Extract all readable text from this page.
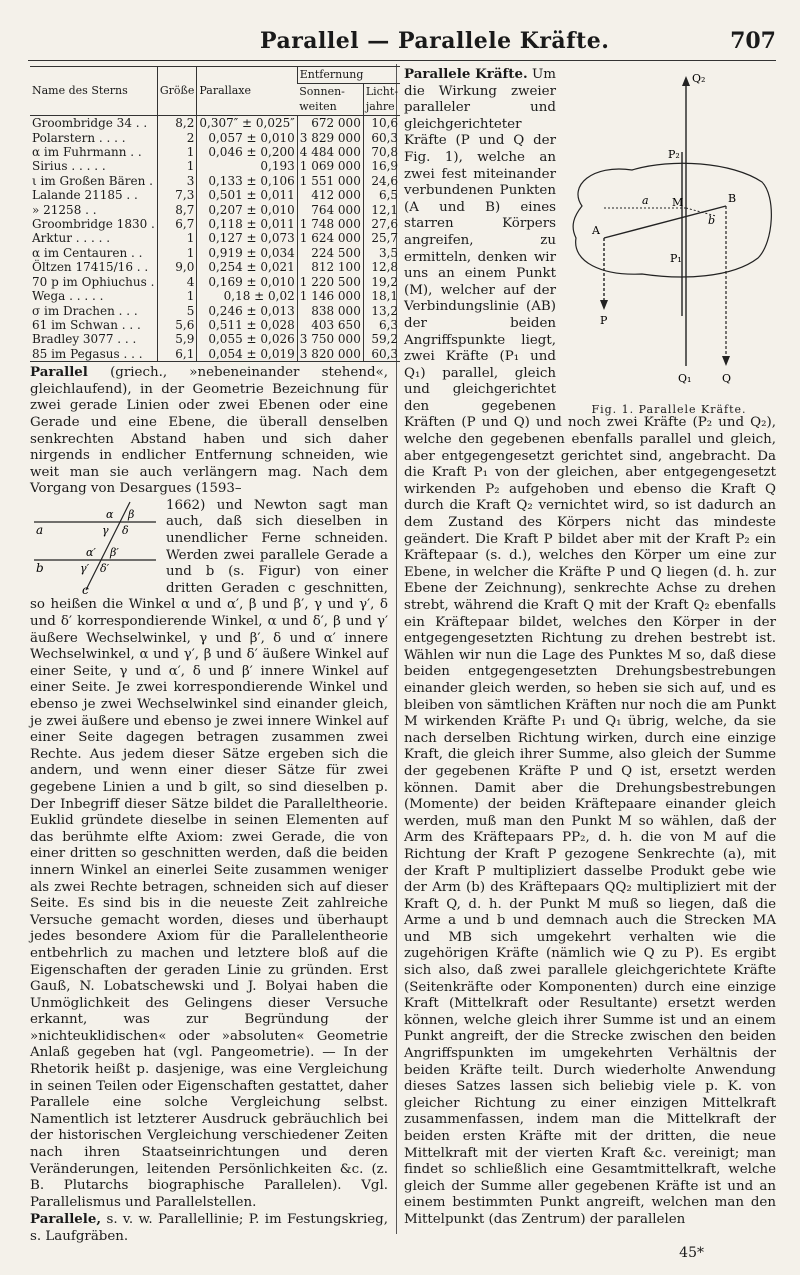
Parallel — Parallele Kräfte.	707
Name des Sterns	Größe	Parallaxe	Entfernung	
			Sonnen-weiten	Licht-jahre
Groombridge 34 . .	8,2	0,307″ ± 0,025″	672 000	10,6
Polarstern . . . .	2	0,057 ± 0,010	3 829 000	60,3
α im Fuhrmann . .	1	0,046 ± 0,200	4 484 000	70,8
Sirius . . . . .	1	0,193	1 069 000	16,9
ι im Großen Bären .	3	0,133 ± 0,106	1 551 000	24,6
Lalande 21185 . .	7,3	0,501 ± 0,011	412 000	6,5
» 21258 . .	8,7	0,207 ± 0,010	764 000	12,1
Groombridge 1830 .	6,7	0,118 ± 0,011	1 748 000	27,6
Arktur . . . . .	1	0,127 ± 0,073	1 624 000	25,7
α im Centauren . .	1	0,919 ± 0,034	224 500	3,5
Öltzen 17415/16 . .	9,0	0,254 ± 0,021	812 100	12,8
70 p im Ophiuchus .	4	0,169 ± 0,010	1 220 500	19,2
Wega . . . . .	1	0,18 ± 0,02	1 146 000	18,1
σ im Drachen . . .	5	0,246 ± 0,013	838 000	13,2
61 im Schwan . . .	5,6	0,511 ± 0,028	403 650	6,3
Bradley 3077 . . .	5,9	0,055 ± 0,026	3 750 000	59,2
85 im Pegasus . . .	6,1	0,054 ± 0,019	3 820 000	60,3

Parallel (griech., »nebeneinander stehend«, gleichlaufend), in der Geometrie Bezeichnung für zwei gerade Linien oder zwei Ebenen oder eine Gerade und eine Ebene, die überall denselben senkrechten Abstand haben und sich daher nirgends in endlicher Entfernung schneiden, wie weit man sie auch verlängern mag. Nach dem Vorgang von Desargues (1593–

a
b
c
α β
γ δ
α′ β′
γ′ δ′

1662) und Newton sagt man auch, daß sich dieselben in unendlicher Ferne schneiden. Werden zwei parallele Gerade a und b (s. Figur) von einer dritten Geraden c geschnitten, so heißen die Winkel α und α′, β und β′, γ und γ′, δ und δ′ korrespondierende Winkel, α und δ′, β und γ′ äußere Wechselwinkel, γ und β′, δ und α′ innere Wechselwinkel, α und γ′, β und δ′ äußere Winkel auf einer Seite, γ und α′, δ und β′ innere Winkel auf einer Seite. Je zwei korrespondierende Winkel und ebenso je zwei Wechselwinkel sind einander gleich, je zwei äußere und ebenso je zwei innere Winkel auf einer Seite dagegen betragen zusammen zwei Rechte. Aus jedem dieser Sätze ergeben sich die andern, und wenn einer dieser Sätze für zwei gegebene Linien a und b gilt, so sind dieselben p. Der Inbegriff dieser Sätze bildet die Paralleltheorie. Euklid gründete dieselbe in seinen Elementen auf das berühmte elfte Axiom: zwei Gerade, die von einer dritten so geschnitten werden, daß die beiden innern Winkel an einerlei Seite zusammen weniger als zwei Rechte betragen, schneiden sich auf dieser Seite. Es sind bis in die neueste Zeit zahlreiche Versuche gemacht worden, dieses und überhaupt jedes besondere Axiom für die Parallelentheorie entbehrlich zu machen und letztere bloß auf die Eigenschaften der geraden Linie zu gründen. Erst Gauß, N. Lobatschewski und J. Bolyai haben die Unmöglichkeit des Gelingens dieser Versuche erkannt, was zur Begründung der »nichteuklidischen« oder »absoluten« Geometrie Anlaß gegeben hat (vgl. Pangeometrie). — In der Rhetorik heißt p. dasjenige, was eine Vergleichung in seinen Teilen oder Eigenschaften gestattet, daher Parallele eine solche Vergleichung selbst. Namentlich ist letzterer Ausdruck gebräuchlich bei der historischen Vergleichung verschiedener Zeiten nach ihren Staatseinrichtungen und deren Veränderungen, leitenden Persönlichkeiten &c. (z. B. Plutarchs biographische Parallelen). Vgl. Parallelismus und Parallelstellen.

Parallele, s. v. w. Parallellinie; P. im Festungskrieg, s. Laufgräben.

Q₂
P₂
a M	B
b
A
P₁
P
Q₁	Q
Fig. 1. Parallele Kräfte.

Parallele Kräfte. Um die Wirkung zweier paralleler und gleichgerichteter Kräfte (P und Q der Fig. 1), welche an zwei fest miteinander verbundenen Punkten (A und B) eines starren Körpers angreifen, zu ermitteln, denken wir uns an einem Punkt (M), welcher auf der Verbindungslinie (AB) der beiden Angriffspunkte liegt, zwei Kräfte (P₁ und Q₁) parallel, gleich und gleichgerichtet den gegebenen Kräften (P und Q) und noch zwei Kräfte (P₂ und Q₂), welche den gegebenen ebenfalls parallel und gleich, aber entgegengesetzt gerichtet sind, angebracht. Da die Kraft P₁ von der gleichen, aber entgegengesetzt wirkenden P₂ aufgehoben und ebenso die Kraft Q durch die Kraft Q₂ vernichtet wird, so ist dadurch an dem Zustand des Körpers nicht das mindeste geändert. Die Kraft P bildet aber mit der Kraft P₂ ein Kräftepaar (s. d.), welches den Körper um eine zur Ebene, in welcher die Kräfte P und Q liegen (d. h. zur Ebene der Zeichnung), senkrechte Achse zu drehen strebt, während die Kraft Q mit der Kraft Q₂ ebenfalls ein Kräftepaar bildet, welches den Körper in der entgegengesetzten Richtung zu drehen bestrebt ist. Wählen wir nun die Lage des Punktes M so, daß diese beiden entgegengesetzten Drehungsbestrebungen einander gleich werden, so heben sie sich auf, und es bleiben von sämtlichen Kräften nur noch die am Punkt M wirkenden Kräfte P₁ und Q₁ übrig, welche, da sie nach derselben Richtung wirken, durch eine einzige Kraft, die gleich ihrer Summe, also gleich der Summe der gegebenen Kräfte P und Q ist, ersetzt werden können. Damit aber die Drehungsbestrebungen (Momente) der beiden Kräftepaare einander gleich werden, muß man den Punkt M so wählen, daß der Arm des Kräftepaars PP₂, d. h. die von M auf die Richtung der Kraft P gezogene Senkrechte (a), mit der Kraft P multipliziert dasselbe Produkt gebe wie der Arm (b) des Kräftepaars QQ₂ multipliziert mit der Kraft Q, d. h. der Punkt M muß so liegen, daß die Arme a und b und demnach auch die Strecken MA und MB sich umgekehrt verhalten wie die zugehörigen Kräfte (nämlich wie Q zu P). Es ergibt sich also, daß zwei parallele gleichgerichtete Kräfte (Seitenkräfte oder Komponenten) durch eine einzige Kraft (Mittelkraft oder Resultante) ersetzt werden können, welche gleich ihrer Summe ist und an einem Punkt angreift, der die Strecke zwischen den beiden Angriffspunkten im umgekehrten Verhältnis der beiden Kräfte teilt. Durch wiederholte Anwendung dieses Satzes lassen sich beliebig viele p. K. von gleicher Richtung zu einer einzigen Mittelkraft zusammenfassen, indem man die Mittelkraft der beiden ersten Kräfte mit der dritten, die neue Mittelkraft mit der vierten Kraft &c. vereinigt; man findet so schließlich eine Gesamtmittelkraft, welche gleich der Summe aller gegebenen Kräfte ist und an einem bestimmten Punkt angreift, welchen man den Mittelpunkt (das Zentrum) der parallelen

45*
